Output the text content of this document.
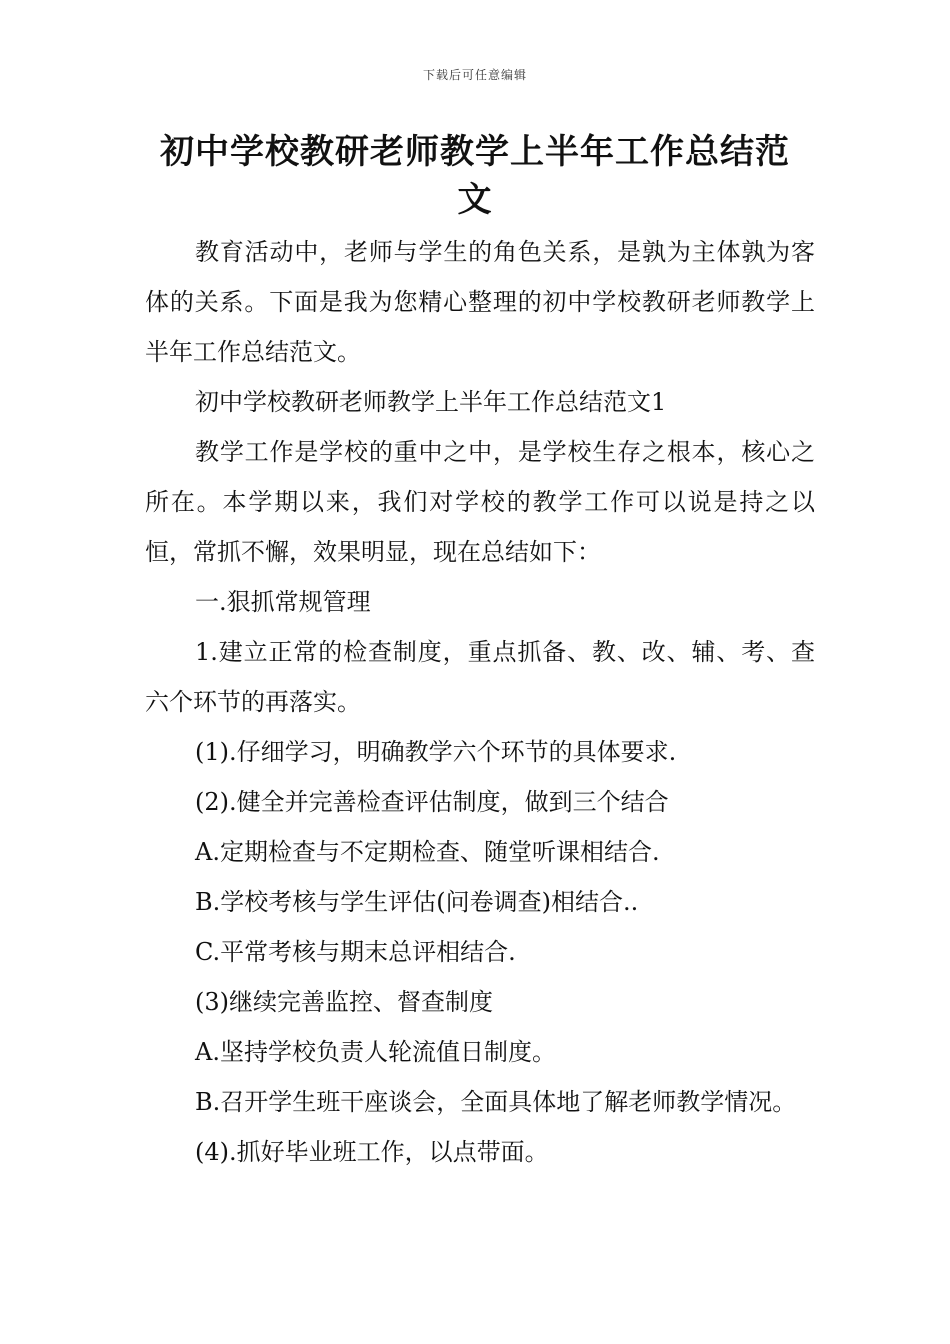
下载后可任意编辑
初中学校教研老师教学上半年工作总结范
文

教育活动中，老师与学生的角色关系，是孰为主体孰为客体的关系。下面是我为您精心整理的初中学校教研老师教学上半年工作总结范文。

初中学校教研老师教学上半年工作总结范文1

教学工作是学校的重中之中，是学校生存之根本，核心之所在。本学期以来，我们对学校的教学工作可以说是持之以恒，常抓不懈，效果明显，现在总结如下：

一.狠抓常规管理

1.建立正常的检查制度，重点抓备、教、改、辅、考、查六个环节的再落实。

(1).仔细学习，明确教学六个环节的具体要求.

(2).健全并完善检查评估制度，做到三个结合

A.定期检查与不定期检查、随堂听课相结合.

B.学校考核与学生评估(问卷调查)相结合..

C.平常考核与期末总评相结合.

(3)继续完善监控、督查制度

A.坚持学校负责人轮流值日制度。

B.召开学生班干座谈会，全面具体地了解老师教学情况。

(4).抓好毕业班工作，以点带面。
